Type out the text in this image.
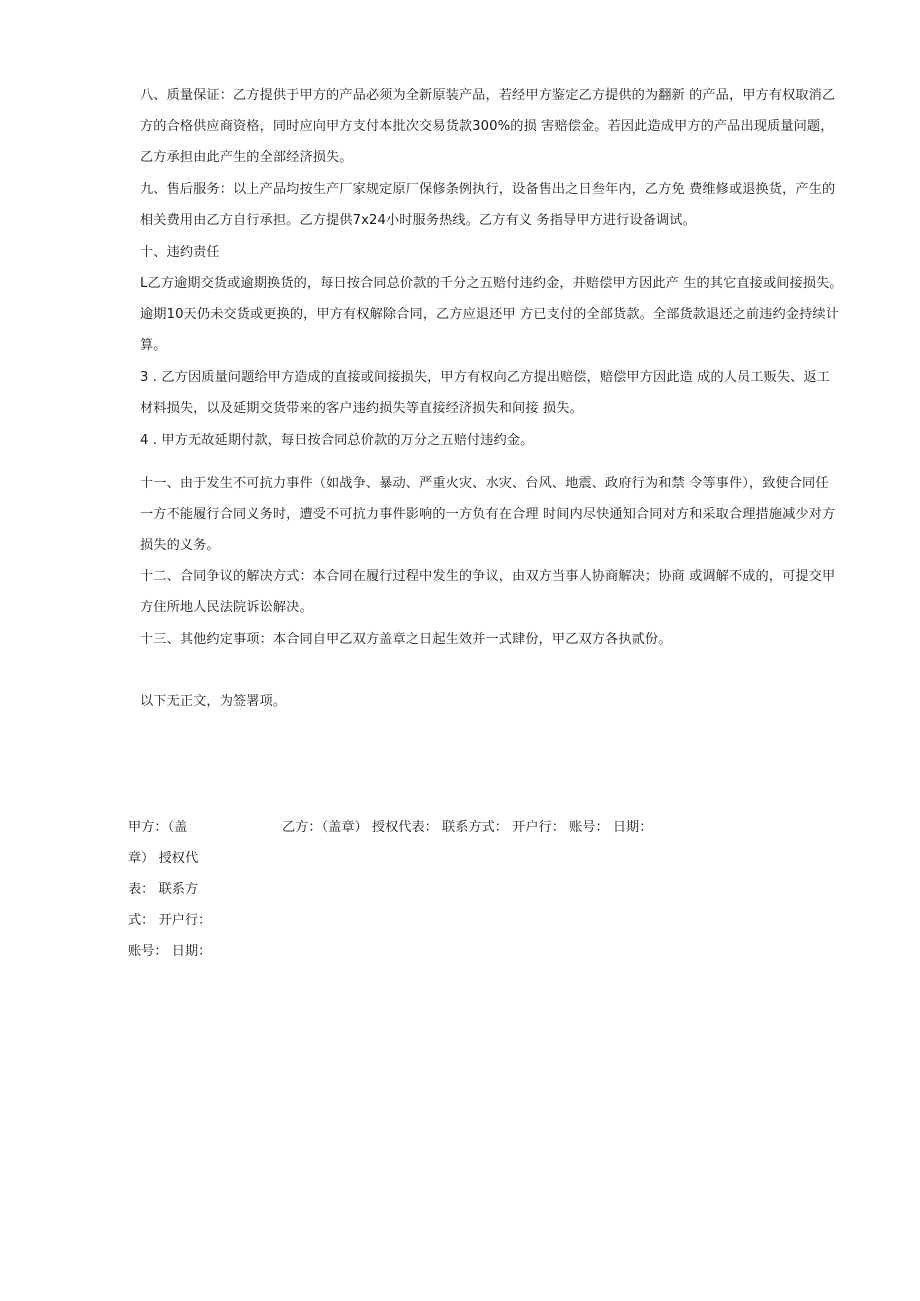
八、质量保证：乙方提供于甲方的产品必须为全新原装产品，若经甲方鉴定乙方提供的为翻新 的产品，甲方有权取消乙
方的合格供应商资格，同时应向甲方支付本批次交易货款300%的损 害赔偿金。若因此造成甲方的产品出现质量问题，
乙方承担由此产生的全部经济损失。
九、售后服务：以上产品均按生产厂家规定原厂保修条例执行，设备售出之日叁年内，乙方免 费维修或退换货，产生的
相关费用由乙方自行承担。乙方提供7x24小时服务热线。乙方有义 务指导甲方进行设备调试。
十、违约责任
L乙方逾期交货或逾期换货的，每日按合同总价款的千分之五赔付违约金，并赔偿甲方因此产 生的其它直接或间接损失。
逾期10天仍未交货或更换的，甲方有权解除合同，乙方应退还甲 方已支付的全部货款。全部货款退还之前违约金持续计
算。
3 . 乙方因质量问题给甲方造成的直接或间接损失，甲方有权向乙方提出赔偿，赔偿甲方因此造 成的人员工贩失、返工
材料损失，以及延期交货带来的客户违约损失等直接经济损失和间接 损失。
4 . 甲方无故延期付款，每日按合同总价款的万分之五赔付违约金。
十一、由于发生不可抗力事件（如战争、暴动、严重火灾、水灾、台风、地震、政府行为和禁 令等事件），致使合同任
一方不能履行合同义务时，遭受不可抗力事件影响的一方负有在合理 时间内尽快通知合同对方和采取合理措施减少对方
损失的义务。
十二、合同争议的解决方式：本合同在履行过程中发生的争议，由双方当事人协商解决；协商 或调解不成的，可提交甲
方住所地人民法院诉讼解决。
十三、其他约定事项：本合同自甲乙双方盖章之日起生效并一式肆份，甲乙双方各执贰份。
以下无正文，为签署项。
甲方：（盖
章） 授权代
表： 联系方
式： 开户行：
账号： 日期：
乙方：（盖章） 授权代表： 联系方式： 开户行： 账号： 日期：
